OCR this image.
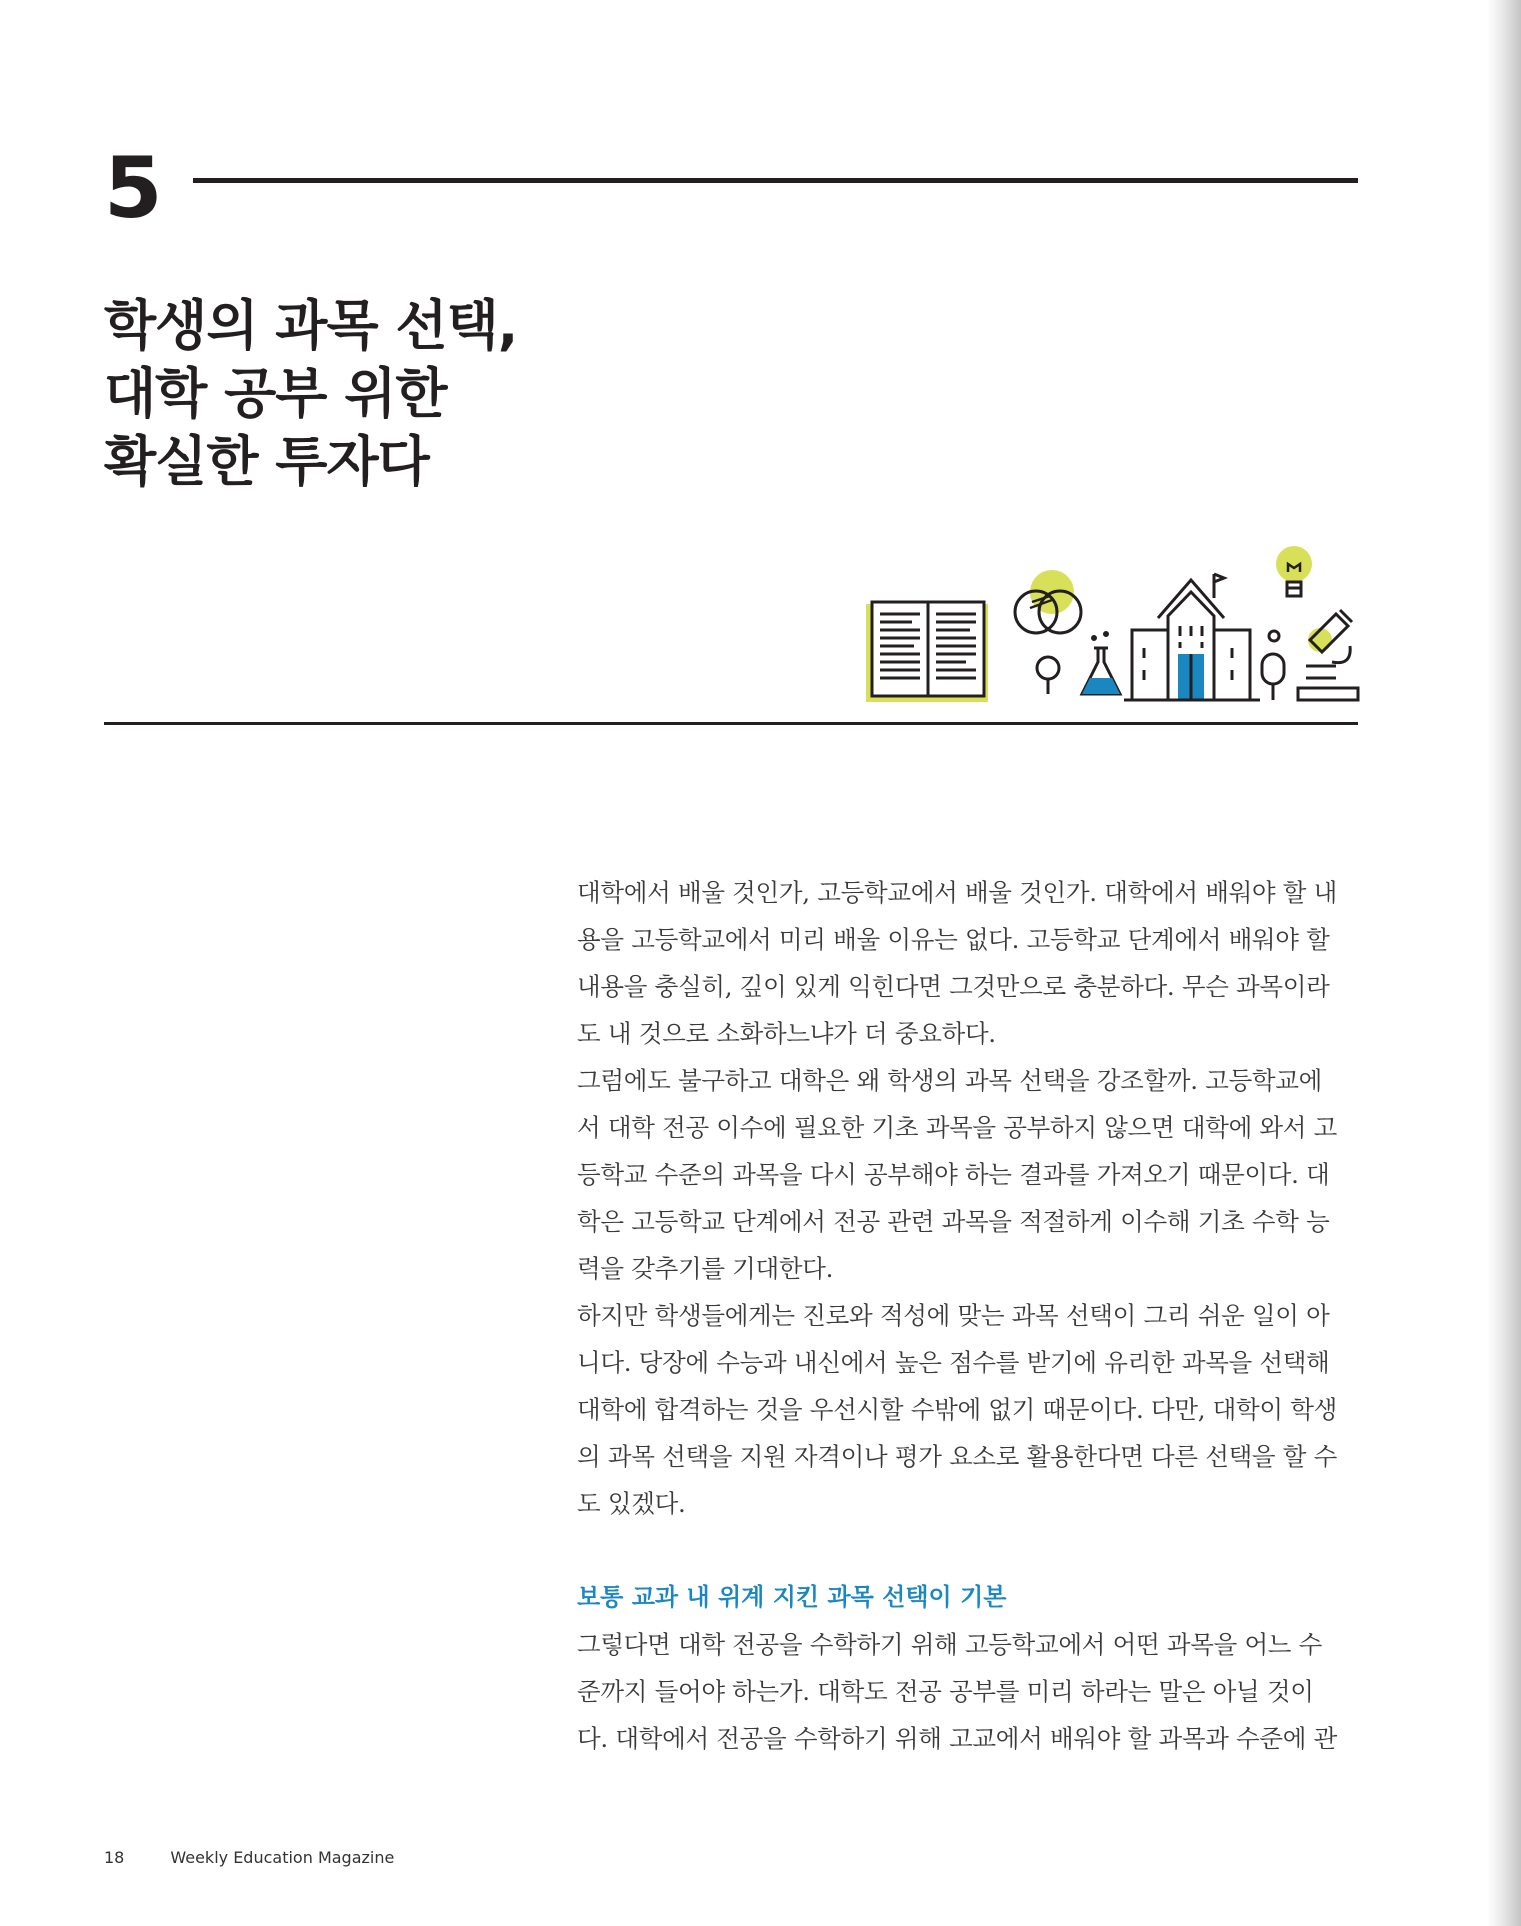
5
학생의 과목 선택,
대학 공부 위한
확실한 투자다
대학에서 배울 것인가, 고등학교에서 배울 것인가. 대학에서 배워야 할 내
용을 고등학교에서 미리 배울 이유는 없다. 고등학교 단계에서 배워야 할
내용을 충실히, 깊이 있게 익힌다면 그것만으로 충분하다. 무슨 과목이라
도 내 것으로 소화하느냐가 더 중요하다.
그럼에도 불구하고 대학은 왜 학생의 과목 선택을 강조할까. 고등학교에
서 대학 전공 이수에 필요한 기초 과목을 공부하지 않으면 대학에 와서 고
등학교 수준의 과목을 다시 공부해야 하는 결과를 가져오기 때문이다. 대
학은 고등학교 단계에서 전공 관련 과목을 적절하게 이수해 기초 수학 능
력을 갖추기를 기대한다.
하지만 학생들에게는 진로와 적성에 맞는 과목 선택이 그리 쉬운 일이 아
니다. 당장에 수능과 내신에서 높은 점수를 받기에 유리한 과목을 선택해
대학에 합격하는 것을 우선시할 수밖에 없기 때문이다. 다만, 대학이 학생
의 과목 선택을 지원 자격이나 평가 요소로 활용한다면 다른 선택을 할 수
도 있겠다.
보통 교과 내 위계 지킨 과목 선택이 기본
그렇다면 대학 전공을 수학하기 위해 고등학교에서 어떤 과목을 어느 수
준까지 들어야 하는가. 대학도 전공 공부를 미리 하라는 말은 아닐 것이
다. 대학에서 전공을 수학하기 위해 고교에서 배워야 할 과목과 수준에 관
18	Weekly Education Magazine
